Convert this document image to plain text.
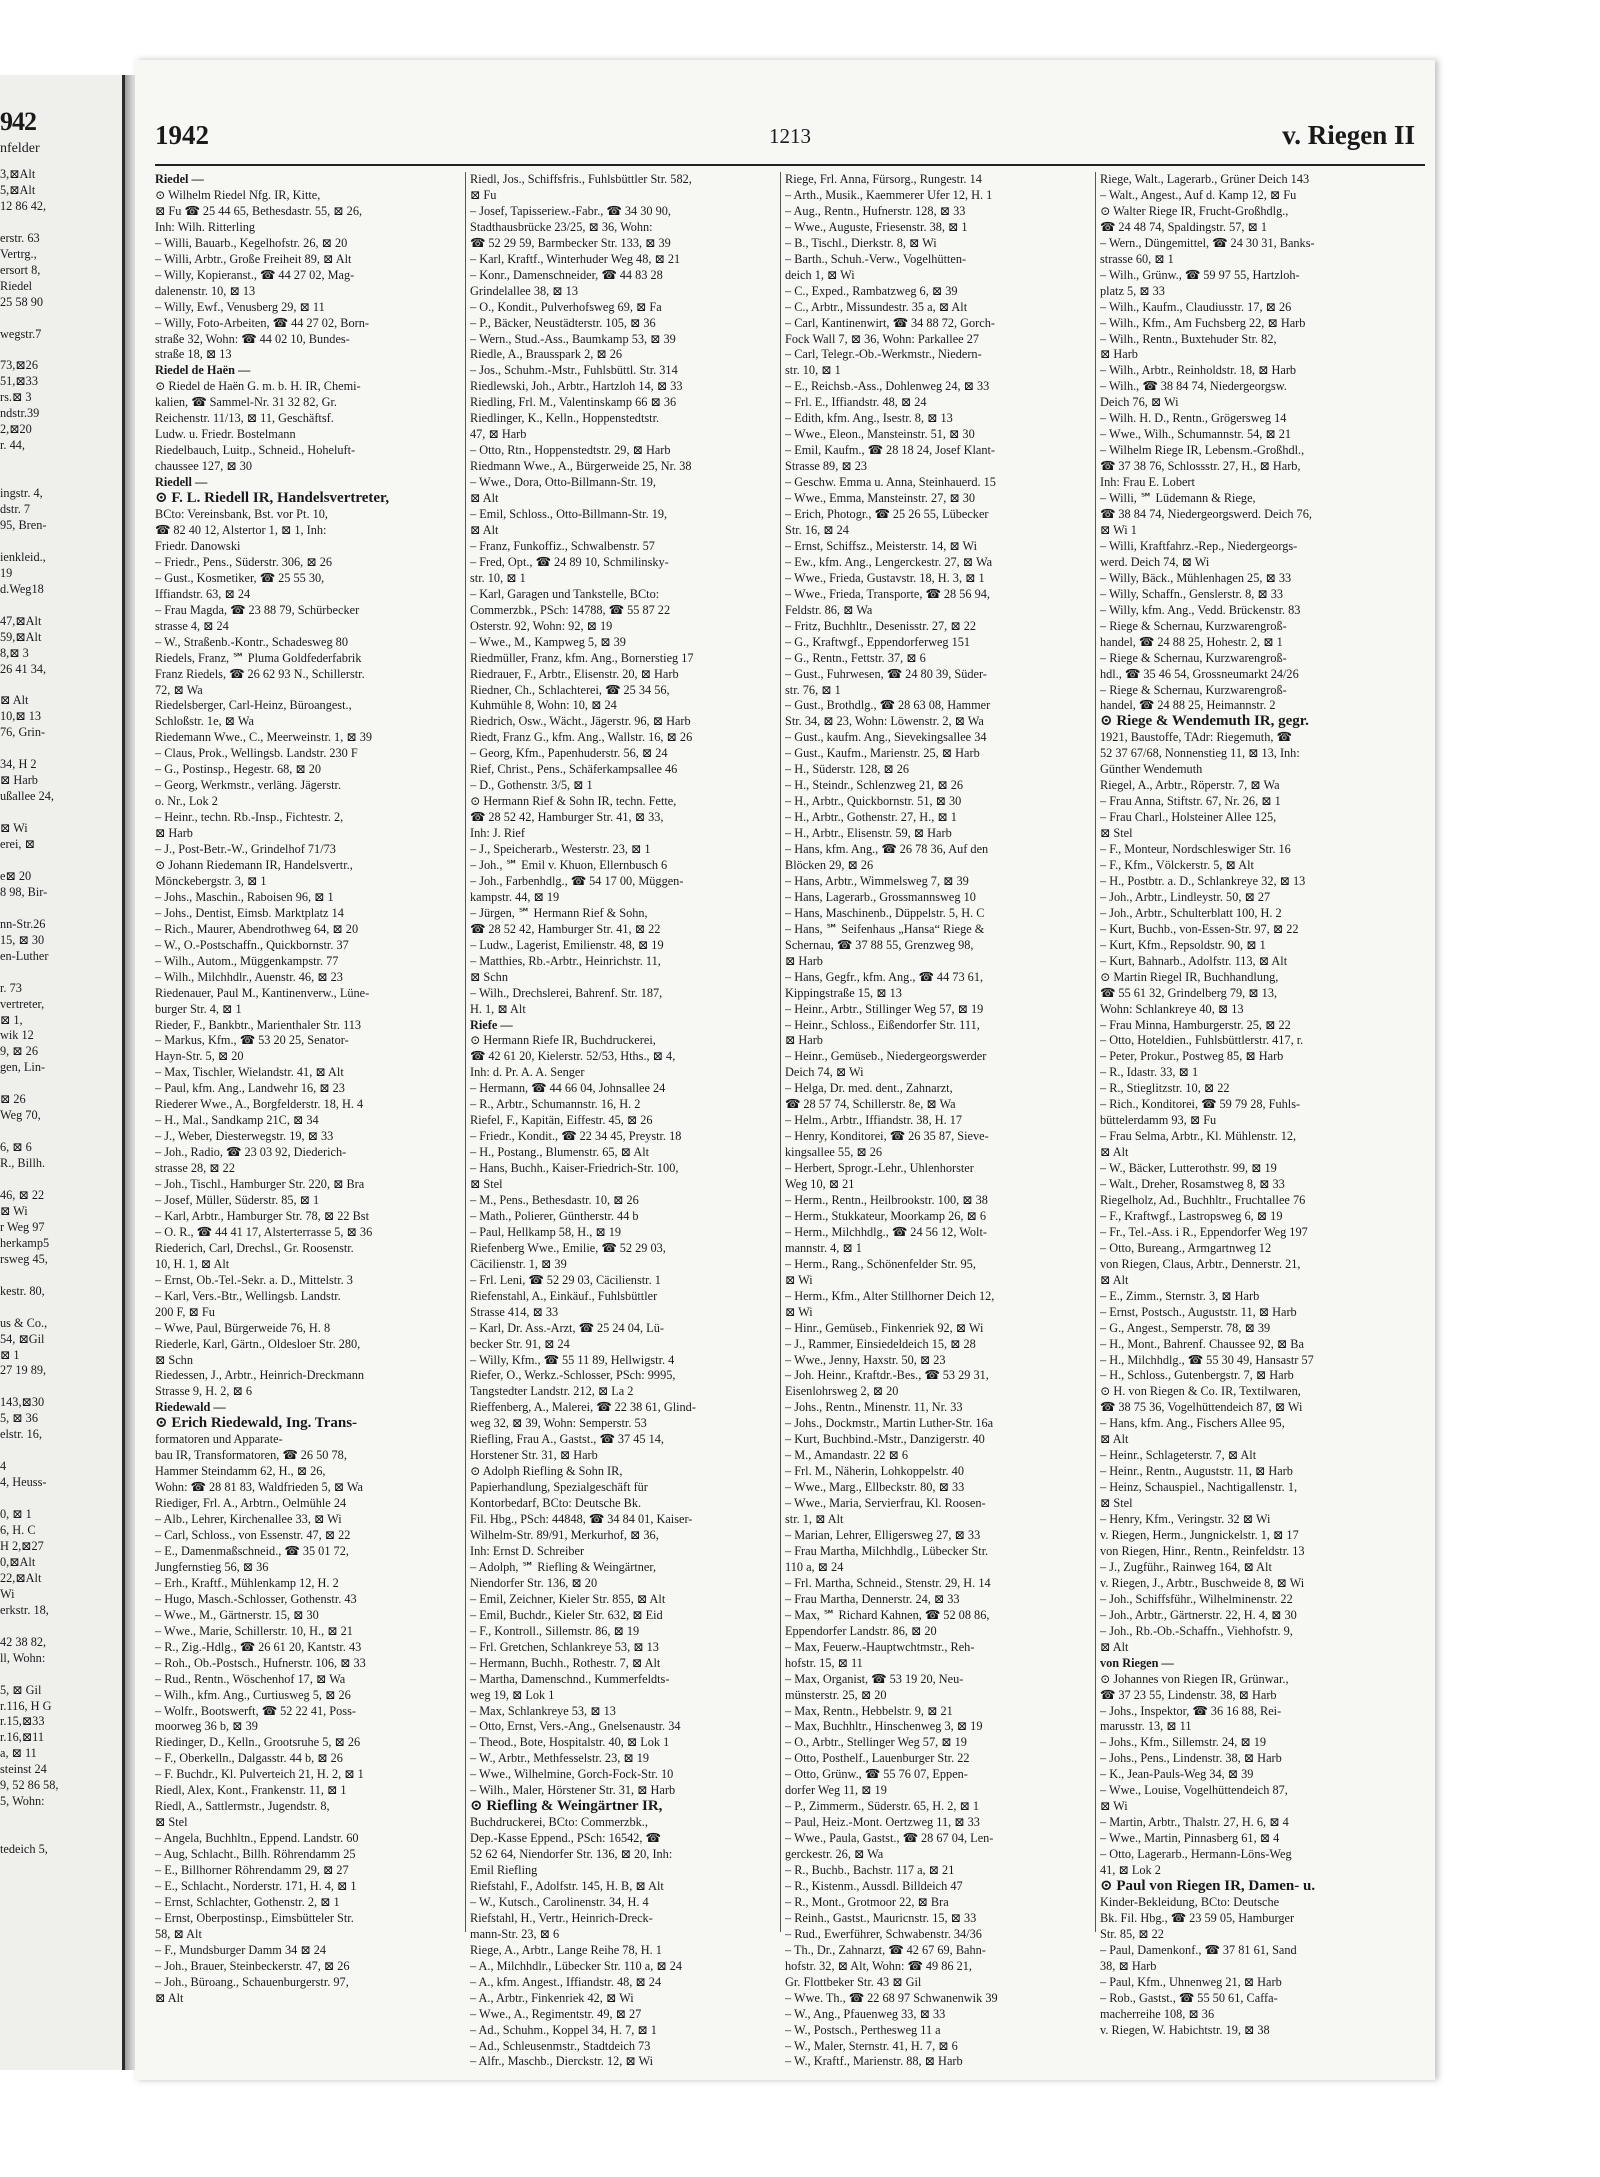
942
nfelder
3,⊠Alt
5,⊠Alt
12 86 42,

erstr. 63
Vertrg.,
ersort 8,
Riedel
25 58 90

wegstr.7

73,⊠26
51,⊠33
rs.⊠ 3
ndstr.39
2,⊠20
r. 44,

ingstr. 4,
dstr. 7
95, Bren-

ienkleid.,
19
d.Weg18

47,⊠Alt
59,⊠Alt
8,⊠ 3
26 41 34,

⊠ Alt
10,⊠ 13
76, Grin-

34, H 2
⊠ Harb
ußallee 24,

⊠ Wi
erei, ⊠

e⊠ 20
8 98, Bir-

nn-Str.26
15, ⊠ 30
en-Luther

r. 73
vertreter,
⊠ 1,
wik 12
9, ⊠ 26
gen, Lin-

⊠ 26
Weg 70,

6, ⊠ 6
R., Billh.

46, ⊠ 22
⊠ Wi
r Weg 97
herkamp5
rsweg 45,

kestr. 80,

us & Co.,
54, ⊠Gil
⊠ 1
27 19 89,

143,⊠30
5, ⊠ 36
elstr. 16,

4
4, Heuss-

0, ⊠ 1
6, H. C
H 2,⊠27
0,⊠Alt
22,⊠Alt
Wi
erkstr. 18,

42 38 82,
ll, Wohn:

5, ⊠ Gil
r.116, H G
r.15,⊠33
r.16,⊠11
a, ⊠ 11
steinst 24
9, 52 86 58,
5, Wohn:

tedeich 5,
1942	1213	v. Riegen II
Riedel —
⊙ Wilhelm Riedel Nfg. IR, Kitte,
⊠ Fu ☎ 25 44 65, Bethesdastr. 55, ⊠ 26,
Inh: Wilh. Ritterling
– Willi, Bauarb., Kegelhofstr. 26, ⊠ 20
– Willi, Arbtr., Große Freiheit 89, ⊠ Alt
– Willy, Kopieranst., ☎ 44 27 02, Mag-
dalenenstr. 10, ⊠ 13
– Willy, Ewf., Venusberg 29, ⊠ 11
– Willy, Foto-Arbeiten, ☎ 44 27 02, Born-
straße 32, Wohn: ☎ 44 02 10, Bundes-
straße 18, ⊠ 13
Riedel de Haën —
⊙ Riedel de Haën G. m. b. H. IR, Chemi-
kalien, ☎ Sammel-Nr. 31 32 82, Gr.
Reichenstr. 11/13, ⊠ 11, Geschäftsf.
Ludw. u. Friedr. Bostelmann
Riedelbauch, Luitp., Schneid., Hoheluft-
chaussee 127, ⊠ 30
Riedell —
⊙ F. L. Riedell IR, Handelsvertreter,
BCto: Vereinsbank, Bst. vor Pt. 10,
☎ 82 40 12, Alstertor 1, ⊠ 1, Inh:
Friedr. Danowski
– Friedr., Pens., Süderstr. 306, ⊠ 26
– Gust., Kosmetiker, ☎ 25 55 30,
Iffiandstr. 63, ⊠ 24
– Frau Magda, ☎ 23 88 79, Schürbecker
strasse 4, ⊠ 24
– W., Straßenb.-Kontr., Schadesweg 80
Riedels, Franz, ℠ Pluma Goldfederfabrik
Franz Riedels, ☎ 26 62 93 N., Schillerstr.
72, ⊠ Wa
Riedelsberger, Carl-Heinz, Büroangest.,
Schloßstr. 1e, ⊠ Wa
Riedemann Wwe., C., Meerweinstr. 1, ⊠ 39
– Claus, Prok., Wellingsb. Landstr. 230 F
– G., Postinsp., Hegestr. 68, ⊠ 20
– Georg, Werkmstr., verläng. Jägerstr.
o. Nr., Lok 2
– Heinr., techn. Rb.-Insp., Fichtestr. 2,
⊠ Harb
– J., Post-Betr.-W., Grindelhof 71/73
⊙ Johann Riedemann IR, Handelsvertr.,
Mönckebergstr. 3, ⊠ 1
– Johs., Maschin., Raboisen 96, ⊠ 1
– Johs., Dentist, Eimsb. Marktplatz 14
– Rich., Maurer, Abendrothweg 64, ⊠ 20
– W., O.-Postschaffn., Quickbornstr. 37
– Wilh., Autom., Müggenkampstr. 77
– Wilh., Milchhdlr., Auenstr. 46, ⊠ 23
Riedenauer, Paul M., Kantinenverw., Lüne-
burger Str. 4, ⊠ 1
Rieder, F., Bankbtr., Marienthaler Str. 113
– Markus, Kfm., ☎ 53 20 25, Senator-
Hayn-Str. 5, ⊠ 20
– Max, Tischler, Wielandstr. 41, ⊠ Alt
– Paul, kfm. Ang., Landwehr 16, ⊠ 23
Riederer Wwe., A., Borgfelderstr. 18, H. 4
– H., Mal., Sandkamp 21C, ⊠ 34
– J., Weber, Diesterwegstr. 19, ⊠ 33
– Joh., Radio, ☎ 23 03 92, Diederich-
strasse 28, ⊠ 22
– Joh., Tischl., Hamburger Str. 220, ⊠ Bra
– Josef, Müller, Süderstr. 85, ⊠ 1
– Karl, Arbtr., Hamburger Str. 78, ⊠ 22 Bst
– O. R., ☎ 44 41 17, Alsterterrasse 5, ⊠ 36
Riederich, Carl, Drechsl., Gr. Roosenstr.
10, H. 1, ⊠ Alt
– Ernst, Ob.-Tel.-Sekr. a. D., Mittelstr. 3
– Karl, Vers.-Btr., Wellingsb. Landstr.
200 F, ⊠ Fu
– Wwe, Paul, Bürgerweide 76, H. 8
Riederle, Karl, Gärtn., Oldesloer Str. 280,
⊠ Schn
Riedessen, J., Arbtr., Heinrich-Dreckmann
Strasse 9, H. 2, ⊠ 6
Riedewald —
⊙ Erich Riedewald, Ing. Trans-
formatoren und Apparate-
bau IR, Transformatoren, ☎ 26 50 78,
Hammer Steindamm 62, H., ⊠ 26,
Wohn: ☎ 28 81 83, Waldfrieden 5, ⊠ Wa
Riediger, Frl. A., Arbtrn., Oelmühle 24
– Alb., Lehrer, Kirchenallee 33, ⊠ Wi
– Carl, Schloss., von Essenstr. 47, ⊠ 22
– E., Damenmaßschneid., ☎ 35 01 72,
Jungfernstieg 56, ⊠ 36
– Erh., Kraftf., Mühlenkamp 12, H. 2
– Hugo, Masch.-Schlosser, Gothenstr. 43
– Wwe., M., Gärtnerstr. 15, ⊠ 30
– Wwe., Marie, Schillerstr. 10, H., ⊠ 21
– R., Zig.-Hdlg., ☎ 26 61 20, Kantstr. 43
– Roh., Ob.-Postsch., Hufnerstr. 106, ⊠ 33
– Rud., Rentn., Wöschenhof 17, ⊠ Wa
– Wilh., kfm. Ang., Curtiusweg 5, ⊠ 26
– Wolfr., Bootswerft, ☎ 52 22 41, Poss-
moorweg 36 b, ⊠ 39
Riedinger, D., Kelln., Grootsruhe 5, ⊠ 26
– F., Oberkelln., Dalgasstr. 44 b, ⊠ 26
– F. Buchdr., Kl. Pulverteich 21, H. 2, ⊠ 1
Riedl, Alex, Kont., Frankenstr. 11, ⊠ 1
Riedl, A., Sattlermstr., Jugendstr. 8,
⊠ Stel
– Angela, Buchhltn., Eppend. Landstr. 60
– Aug, Schlacht., Billh. Röhrendamm 25
– E., Billhorner Röhrendamm 29, ⊠ 27
– E., Schlacht., Norderstr. 171, H. 4, ⊠ 1
– Ernst, Schlachter, Gothenstr. 2, ⊠ 1
– Ernst, Oberpostinsp., Eimsbütteler Str.
58, ⊠ Alt
– F., Mundsburger Damm 34 ⊠ 24
– Joh., Brauer, Steinbeckerstr. 47, ⊠ 26
– Joh., Büroang., Schauenburgerstr. 97,
⊠ Alt
Riedl, Jos., Schiffsfris., Fuhlsbüttler Str. 582,
⊠ Fu
– Josef, Tapisseriew.-Fabr., ☎ 34 30 90,
Stadthausbrücke 23/25, ⊠ 36, Wohn:
☎ 52 29 59, Barmbecker Str. 133, ⊠ 39
– Karl, Kraftf., Winterhuder Weg 48, ⊠ 21
– Konr., Damenschneider, ☎ 44 83 28
Grindelallee 38, ⊠ 13
– O., Kondit., Pulverhofsweg 69, ⊠ Fa
– P., Bäcker, Neustädterstr. 105, ⊠ 36
– Wern., Stud.-Ass., Baumkamp 53, ⊠ 39
Riedle, A., Brausspark 2, ⊠ 26
– Jos., Schuhm.-Mstr., Fuhlsbüttl. Str. 314
Riedlewski, Joh., Arbtr., Hartzloh 14, ⊠ 33
Riedling, Frl. M., Valentinskamp 66 ⊠ 36
Riedlinger, K., Kelln., Hoppenstedtstr.
47, ⊠ Harb
– Otto, Rtn., Hoppenstedtstr. 29, ⊠ Harb
Riedmann Wwe., A., Bürgerweide 25, Nr. 38
– Wwe., Dora, Otto-Billmann-Str. 19,
⊠ Alt
– Emil, Schloss., Otto-Billmann-Str. 19,
⊠ Alt
– Franz, Funkoffiz., Schwalbenstr. 57
– Fred, Opt., ☎ 24 89 10, Schmilinsky-
str. 10, ⊠ 1
– Karl, Garagen und Tankstelle, BCto:
Commerzbk., PSch: 14788, ☎ 55 87 22
Osterstr. 92, Wohn: 92, ⊠ 19
– Wwe., M., Kampweg 5, ⊠ 39
Riedmüller, Franz, kfm. Ang., Bornerstieg 17
Riedrauer, F., Arbtr., Elisenstr. 20, ⊠ Harb
Riedner, Ch., Schlachterei, ☎ 25 34 56,
Kuhmühle 8, Wohn: 10, ⊠ 24
Riedrich, Osw., Wächt., Jägerstr. 96, ⊠ Harb
Riedt, Franz G., kfm. Ang., Wallstr. 16, ⊠ 26
– Georg, Kfm., Papenhuderstr. 56, ⊠ 24
Rief, Christ., Pens., Schäferkampsallee 46
– D., Gothenstr. 3/5, ⊠ 1
⊙ Hermann Rief & Sohn IR, techn. Fette,
☎ 28 52 42, Hamburger Str. 41, ⊠ 33,
Inh: J. Rief
– J., Speicherarb., Westerstr. 23, ⊠ 1
– Joh., ℠ Emil v. Khuon, Ellernbusch 6
– Joh., Farbenhdlg., ☎ 54 17 00, Müggen-
kampstr. 44, ⊠ 19
– Jürgen, ℠ Hermann Rief & Sohn,
☎ 28 52 42, Hamburger Str. 41, ⊠ 22
– Ludw., Lagerist, Emilienstr. 48, ⊠ 19
– Matthies, Rb.-Arbtr., Heinrichstr. 11,
⊠ Schn
– Wilh., Drechslerei, Bahrenf. Str. 187,
H. 1, ⊠ Alt
Riefe —
⊙ Hermann Riefe IR, Buchdruckerei,
☎ 42 61 20, Kielerstr. 52/53, Hths., ⊠ 4,
Inh: d. Pr. A. A. Senger
– Hermann, ☎ 44 66 04, Johnsallee 24
– R., Arbtr., Schumannstr. 16, H. 2
Riefel, F., Kapitän, Eiffestr. 45, ⊠ 26
– Friedr., Kondit., ☎ 22 34 45, Preystr. 18
– H., Postang., Blumenstr. 65, ⊠ Alt
– Hans, Buchh., Kaiser-Friedrich-Str. 100,
⊠ Stel
– M., Pens., Bethesdastr. 10, ⊠ 26
– Math., Polierer, Güntherstr. 44 b
– Paul, Hellkamp 58, H., ⊠ 19
Riefenberg Wwe., Emilie, ☎ 52 29 03,
Cäcilienstr. 1, ⊠ 39
– Frl. Leni, ☎ 52 29 03, Cäcilienstr. 1
Riefenstahl, A., Einkäuf., Fuhlsbüttler
Strasse 414, ⊠ 33
– Karl, Dr. Ass.-Arzt, ☎ 25 24 04, Lü-
becker Str. 91, ⊠ 24
– Willy, Kfm., ☎ 55 11 89, Hellwigstr. 4
Riefer, O., Werkz.-Schlosser, PSch: 9995,
Tangstedter Landstr. 212, ⊠ La 2
Rieffenberg, A., Malerei, ☎ 22 38 61, Glind-
weg 32, ⊠ 39, Wohn: Semperstr. 53
Riefling, Frau A., Gastst., ☎ 37 45 14,
Horstener Str. 31, ⊠ Harb
⊙ Adolph Riefling & Sohn IR,
Papierhandlung, Spezialgeschäft für
Kontorbedarf, BCto: Deutsche Bk.
Fil. Hbg., PSch: 44848, ☎ 34 84 01, Kaiser-
Wilhelm-Str. 89/91, Merkurhof, ⊠ 36,
Inh: Ernst D. Schreiber
– Adolph, ℠ Riefling & Weingärtner,
Niendorfer Str. 136, ⊠ 20
– Emil, Zeichner, Kieler Str. 855, ⊠ Alt
– Emil, Buchdr., Kieler Str. 632, ⊠ Eid
– F., Kontroll., Sillemstr. 86, ⊠ 19
– Frl. Gretchen, Schlankreye 53, ⊠ 13
– Hermann, Buchh., Rothestr. 7, ⊠ Alt
– Martha, Damenschnd., Kummerfeldts-
weg 19, ⊠ Lok 1
– Max, Schlankreye 53, ⊠ 13
– Otto, Ernst, Vers.-Ang., Gnelsenaustr. 34
– Theod., Bote, Hospitalstr. 40, ⊠ Lok 1
– W., Arbtr., Methfesselstr. 23, ⊠ 19
– Wwe., Wilhelmine, Gorch-Fock-Str. 10
– Wilh., Maler, Hörstener Str. 31, ⊠ Harb
⊙ Riefling & Weingärtner IR,
Buchdruckerei, BCto: Commerzbk.,
Dep.-Kasse Eppend., PSch: 16542, ☎
52 62 64, Niendorfer Str. 136, ⊠ 20, Inh:
Emil Riefling
Riefstahl, F., Adolfstr. 145, H. B, ⊠ Alt
– W., Kutsch., Carolinenstr. 34, H. 4
Riefstahl, H., Vertr., Heinrich-Dreck-
mann-Str. 23, ⊠ 6
Riege, A., Arbtr., Lange Reihe 78, H. 1
– A., Milchhdlr., Lübecker Str. 110 a, ⊠ 24
– A., kfm. Angest., Iffiandstr. 48, ⊠ 24
– A., Arbtr., Finkenriek 42, ⊠ Wi
– Wwe., A., Regimentstr. 49, ⊠ 27
– Ad., Schuhm., Koppel 34, H. 7, ⊠ 1
– Ad., Schleusenmstr., Stadtdeich 73
– Alfr., Maschb., Dierckstr. 12, ⊠ Wi
Riege, Frl. Anna, Fürsorg., Rungestr. 14
– Arth., Musik., Kaemmerer Ufer 12, H. 1
– Aug., Rentn., Hufnerstr. 128, ⊠ 33
– Wwe., Auguste, Friesenstr. 38, ⊠ 1
– B., Tischl., Dierkstr. 8, ⊠ Wi
– Barth., Schuh.-Verw., Vogelhütten-
deich 1, ⊠ Wi
– C., Exped., Rambatzweg 6, ⊠ 39
– C., Arbtr., Missundestr. 35 a, ⊠ Alt
– Carl, Kantinenwirt, ☎ 34 88 72, Gorch-
Fock Wall 7, ⊠ 36, Wohn: Parkallee 27
– Carl, Telegr.-Ob.-Werkmstr., Niedern-
str. 10, ⊠ 1
– E., Reichsb.-Ass., Dohlenweg 24, ⊠ 33
– Frl. E., Iffiandstr. 48, ⊠ 24
– Edith, kfm. Ang., Isestr. 8, ⊠ 13
– Wwe., Eleon., Mansteinstr. 51, ⊠ 30
– Emil, Kaufm., ☎ 28 18 24, Josef Klant-
Strasse 89, ⊠ 23
– Geschw. Emma u. Anna, Steinhauerd. 15
– Wwe., Emma, Mansteinstr. 27, ⊠ 30
– Erich, Photogr., ☎ 25 26 55, Lübecker
Str. 16, ⊠ 24
– Ernst, Schiffsz., Meisterstr. 14, ⊠ Wi
– Ew., kfm. Ang., Lengerckestr. 27, ⊠ Wa
– Wwe., Frieda, Gustavstr. 18, H. 3, ⊠ 1
– Wwe., Frieda, Transporte, ☎ 28 56 94,
Feldstr. 86, ⊠ Wa
– Fritz, Buchhltr., Desenisstr. 27, ⊠ 22
– G., Kraftwgf., Eppendorferweg 151
– G., Rentn., Fettstr. 37, ⊠ 6
– Gust., Fuhrwesen, ☎ 24 80 39, Süder-
str. 76, ⊠ 1
– Gust., Brothdlg., ☎ 28 63 08, Hammer
Str. 34, ⊠ 23, Wohn: Löwenstr. 2, ⊠ Wa
– Gust., kaufm. Ang., Sievekingsallee 34
– Gust., Kaufm., Marienstr. 25, ⊠ Harb
– H., Süderstr. 128, ⊠ 26
– H., Steindr., Schlenzweg 21, ⊠ 26
– H., Arbtr., Quickbornstr. 51, ⊠ 30
– H., Arbtr., Gothenstr. 27, H., ⊠ 1
– H., Arbtr., Elisenstr. 59, ⊠ Harb
– Hans, kfm. Ang., ☎ 26 78 36, Auf den
Blöcken 29, ⊠ 26
– Hans, Arbtr., Wimmelsweg 7, ⊠ 39
– Hans, Lagerarb., Grossmannsweg 10
– Hans, Maschinenb., Düppelstr. 5, H. C
– Hans, ℠ Seifenhaus „Hansa“ Riege &
Schernau, ☎ 37 88 55, Grenzweg 98,
⊠ Harb
– Hans, Gegfr., kfm. Ang., ☎ 44 73 61,
Kippingstraße 15, ⊠ 13
– Heinr., Arbtr., Stillinger Weg 57, ⊠ 19
– Heinr., Schloss., Eißendorfer Str. 111,
⊠ Harb
– Heinr., Gemüseb., Niedergeorgswerder
Deich 74, ⊠ Wi
– Helga, Dr. med. dent., Zahnarzt,
☎ 28 57 74, Schillerstr. 8e, ⊠ Wa
– Helm., Arbtr., Iffiandstr. 38, H. 17
– Henry, Konditorei, ☎ 26 35 87, Sieve-
kingsallee 55, ⊠ 26
– Herbert, Sprogr.-Lehr., Uhlenhorster
Weg 10, ⊠ 21
– Herm., Rentn., Heilbrookstr. 100, ⊠ 38
– Herm., Stukkateur, Moorkamp 26, ⊠ 6
– Herm., Milchhdlg., ☎ 24 56 12, Wolt-
mannstr. 4, ⊠ 1
– Herm., Rang., Schönenfelder Str. 95,
⊠ Wi
– Herm., Kfm., Alter Stillhorner Deich 12,
⊠ Wi
– Hinr., Gemüseb., Finkenriek 92, ⊠ Wi
– J., Rammer, Einsiedeldeich 15, ⊠ 28
– Wwe., Jenny, Haxstr. 50, ⊠ 23
– Joh. Heinr., Kraftdr.-Bes., ☎ 53 29 31,
Eisenlohrsweg 2, ⊠ 20
– Johs., Rentn., Minenstr. 11, Nr. 33
– Johs., Dockmstr., Martin Luther-Str. 16a
– Kurt, Buchbind.-Mstr., Danzigerstr. 40
– M., Amandastr. 22 ⊠ 6
– Frl. M., Näherin, Lohkoppelstr. 40
– Wwe., Marg., Ellbeckstr. 80, ⊠ 33
– Wwe., Maria, Servierfrau, Kl. Roosen-
str. 1, ⊠ Alt
– Marian, Lehrer, Elligersweg 27, ⊠ 33
– Frau Martha, Milchhdlg., Lübecker Str.
110 a, ⊠ 24
– Frl. Martha, Schneid., Stenstr. 29, H. 14
– Frau Martha, Dennerstr. 24, ⊠ 33
– Max, ℠ Richard Kahnen, ☎ 52 08 86,
Eppendorfer Landstr. 86, ⊠ 20
– Max, Feuerw.-Hauptwchtmstr., Reh-
hofstr. 15, ⊠ 11
– Max, Organist, ☎ 53 19 20, Neu-
münsterstr. 25, ⊠ 20
– Max, Rentn., Hebbelstr. 9, ⊠ 21
– Max, Buchhltr., Hinschenweg 3, ⊠ 19
– O., Arbtr., Stellinger Weg 57, ⊠ 19
– Otto, Posthelf., Lauenburger Str. 22
– Otto, Grünw., ☎ 55 76 07, Eppen-
dorfer Weg 11, ⊠ 19
– P., Zimmerm., Süderstr. 65, H. 2, ⊠ 1
– Paul, Heiz.-Mont. Oertzweg 11, ⊠ 33
– Wwe., Paula, Gastst., ☎ 28 67 04, Len-
gerckestr. 26, ⊠ Wa
– R., Buchb., Bachstr. 117 a, ⊠ 21
– R., Kistenm., Aussdl. Billdeich 47
– R., Mont., Grotmoor 22, ⊠ Bra
– Reinh., Gastst., Mauricnstr. 15, ⊠ 33
– Rud., Ewerführer, Schwabenstr. 34/36
– Th., Dr., Zahnarzt, ☎ 42 67 69, Bahn-
hofstr. 32, ⊠ Alt, Wohn: ☎ 49 86 21,
Gr. Flottbeker Str. 43 ⊠ Gil
– Wwe. Th., ☎ 22 68 97 Schwanenwik 39
– W., Ang., Pfauenweg 33, ⊠ 33
– W., Postsch., Perthesweg 11 a
– W., Maler, Sternstr. 41, H. 7, ⊠ 6
– W., Kraftf., Marienstr. 88, ⊠ Harb
Riege, Walt., Lagerarb., Grüner Deich 143
– Walt., Angest., Auf d. Kamp 12, ⊠ Fu
⊙ Walter Riege IR, Frucht-Großhdlg.,
☎ 24 48 74, Spaldingstr. 57, ⊠ 1
– Wern., Düngemittel, ☎ 24 30 31, Banks-
strasse 60, ⊠ 1
– Wilh., Grünw., ☎ 59 97 55, Hartzloh-
platz 5, ⊠ 33
– Wilh., Kaufm., Claudiusstr. 17, ⊠ 26
– Wilh., Kfm., Am Fuchsberg 22, ⊠ Harb
– Wilh., Rentn., Buxtehuder Str. 82,
⊠ Harb
– Wilh., Arbtr., Reinholdstr. 18, ⊠ Harb
– Wilh., ☎ 38 84 74, Niedergeorgsw.
Deich 76, ⊠ Wi
– Wilh. H. D., Rentn., Grögersweg 14
– Wwe., Wilh., Schumannstr. 54, ⊠ 21
– Wilhelm Riege IR, Lebensm.-Großhdl.,
☎ 37 38 76, Schlossstr. 27, H., ⊠ Harb,
Inh: Frau E. Lobert
– Willi, ℠ Lüdemann & Riege,
☎ 38 84 74, Niedergeorgswerd. Deich 76,
⊠ Wi 1
– Willi, Kraftfahrz.-Rep., Niedergeorgs-
werd. Deich 74, ⊠ Wi
– Willy, Bäck., Mühlenhagen 25, ⊠ 33
– Willy, Schaffn., Genslerstr. 8, ⊠ 33
– Willy, kfm. Ang., Vedd. Brückenstr. 83
– Riege & Schernau, Kurzwarengroß-
handel, ☎ 24 88 25, Hohestr. 2, ⊠ 1
– Riege & Schernau, Kurzwarengroß-
hdl., ☎ 35 46 54, Grossneumarkt 24/26
– Riege & Schernau, Kurzwarengroß-
handel, ☎ 24 88 25, Heimannstr. 2
⊙ Riege & Wendemuth IR, gegr.
1921, Baustoffe, TAdr: Riegemuth, ☎
52 37 67/68, Nonnenstieg 11, ⊠ 13, Inh:
Günther Wendemuth
Riegel, A., Arbtr., Röperstr. 7, ⊠ Wa
– Frau Anna, Stiftstr. 67, Nr. 26, ⊠ 1
– Frau Charl., Holsteiner Allee 125,
⊠ Stel
– F., Monteur, Nordschleswiger Str. 16
– F., Kfm., Völckerstr. 5, ⊠ Alt
– H., Postbtr. a. D., Schlankreye 32, ⊠ 13
– Joh., Arbtr., Lindleystr. 50, ⊠ 27
– Joh., Arbtr., Schulterblatt 100, H. 2
– Kurt, Buchb., von-Essen-Str. 97, ⊠ 22
– Kurt, Kfm., Repsoldstr. 90, ⊠ 1
– Kurt, Bahnarb., Adolfstr. 113, ⊠ Alt
⊙ Martin Riegel IR, Buchhandlung,
☎ 55 61 32, Grindelberg 79, ⊠ 13,
Wohn: Schlankreye 40, ⊠ 13
– Frau Minna, Hamburgerstr. 25, ⊠ 22
– Otto, Hoteldien., Fuhlsbüttlerstr. 417, r.
– Peter, Prokur., Postweg 85, ⊠ Harb
– R., Idastr. 33, ⊠ 1
– R., Stieglitzstr. 10, ⊠ 22
– Rich., Konditorei, ☎ 59 79 28, Fuhls-
büttelerdamm 93, ⊠ Fu
– Frau Selma, Arbtr., Kl. Mühlenstr. 12,
⊠ Alt
– W., Bäcker, Lutterothstr. 99, ⊠ 19
– Walt., Dreher, Rosamstweg 8, ⊠ 33
Riegelholz, Ad., Buchhltr., Fruchtallee 76
– F., Kraftwgf., Lastropsweg 6, ⊠ 19
– Fr., Tel.-Ass. i R., Eppendorfer Weg 197
– Otto, Bureang., Armgartnweg 12
von Riegen, Claus, Arbtr., Dennerstr. 21,
⊠ Alt
– E., Zimm., Sternstr. 3, ⊠ Harb
– Ernst, Postsch., Auguststr. 11, ⊠ Harb
– G., Angest., Semperstr. 78, ⊠ 39
– H., Mont., Bahrenf. Chaussee 92, ⊠ Ba
– H., Milchhdlg., ☎ 55 30 49, Hansastr 57
– H., Schloss., Gutenbergstr. 7, ⊠ Harb
⊙ H. von Riegen & Co. IR, Textilwaren,
☎ 38 75 36, Vogelhüttendeich 87, ⊠ Wi
– Hans, kfm. Ang., Fischers Allee 95,
⊠ Alt
– Heinr., Schlageterstr. 7, ⊠ Alt
– Heinr., Rentn., Auguststr. 11, ⊠ Harb
– Heinz, Schauspiel., Nachtigallenstr. 1,
⊠ Stel
– Henry, Kfm., Veringstr. 32 ⊠ Wi
v. Riegen, Herm., Jungnickelstr. 1, ⊠ 17
von Riegen, Hinr., Rentn., Reinfeldstr. 13
– J., Zugführ., Rainweg 164, ⊠ Alt
v. Riegen, J., Arbtr., Buschweide 8, ⊠ Wi
– Joh., Schiffsführ., Wilhelminenstr. 22
– Joh., Arbtr., Gärtnerstr. 22, H. 4, ⊠ 30
– Joh., Rb.-Ob.-Schaffn., Viehhofstr. 9,
⊠ Alt
von Riegen —
⊙ Johannes von Riegen IR, Grünwar.,
☎ 37 23 55, Lindenstr. 38, ⊠ Harb
– Johs., Inspektor, ☎ 36 16 88, Rei-
marusstr. 13, ⊠ 11
– Johs., Kfm., Sillemstr. 24, ⊠ 19
– Johs., Pens., Lindenstr. 38, ⊠ Harb
– K., Jean-Pauls-Weg 34, ⊠ 39
– Wwe., Louise, Vogelhüttendeich 87,
⊠ Wi
– Martin, Arbtr., Thalstr. 27, H. 6, ⊠ 4
– Wwe., Martin, Pinnasberg 61, ⊠ 4
– Otto, Lagerarb., Hermann-Löns-Weg
41, ⊠ Lok 2
⊙ Paul von Riegen IR, Damen- u.
Kinder-Bekleidung, BCto: Deutsche
Bk. Fil. Hbg., ☎ 23 59 05, Hamburger
Str. 85, ⊠ 22
– Paul, Damenkonf., ☎ 37 81 61, Sand
38, ⊠ Harb
– Paul, Kfm., Uhnenweg 21, ⊠ Harb
– Rob., Gastst., ☎ 55 50 61, Caffa-
macherreihe 108, ⊠ 36
v. Riegen, W. Habichtstr. 19, ⊠ 38
